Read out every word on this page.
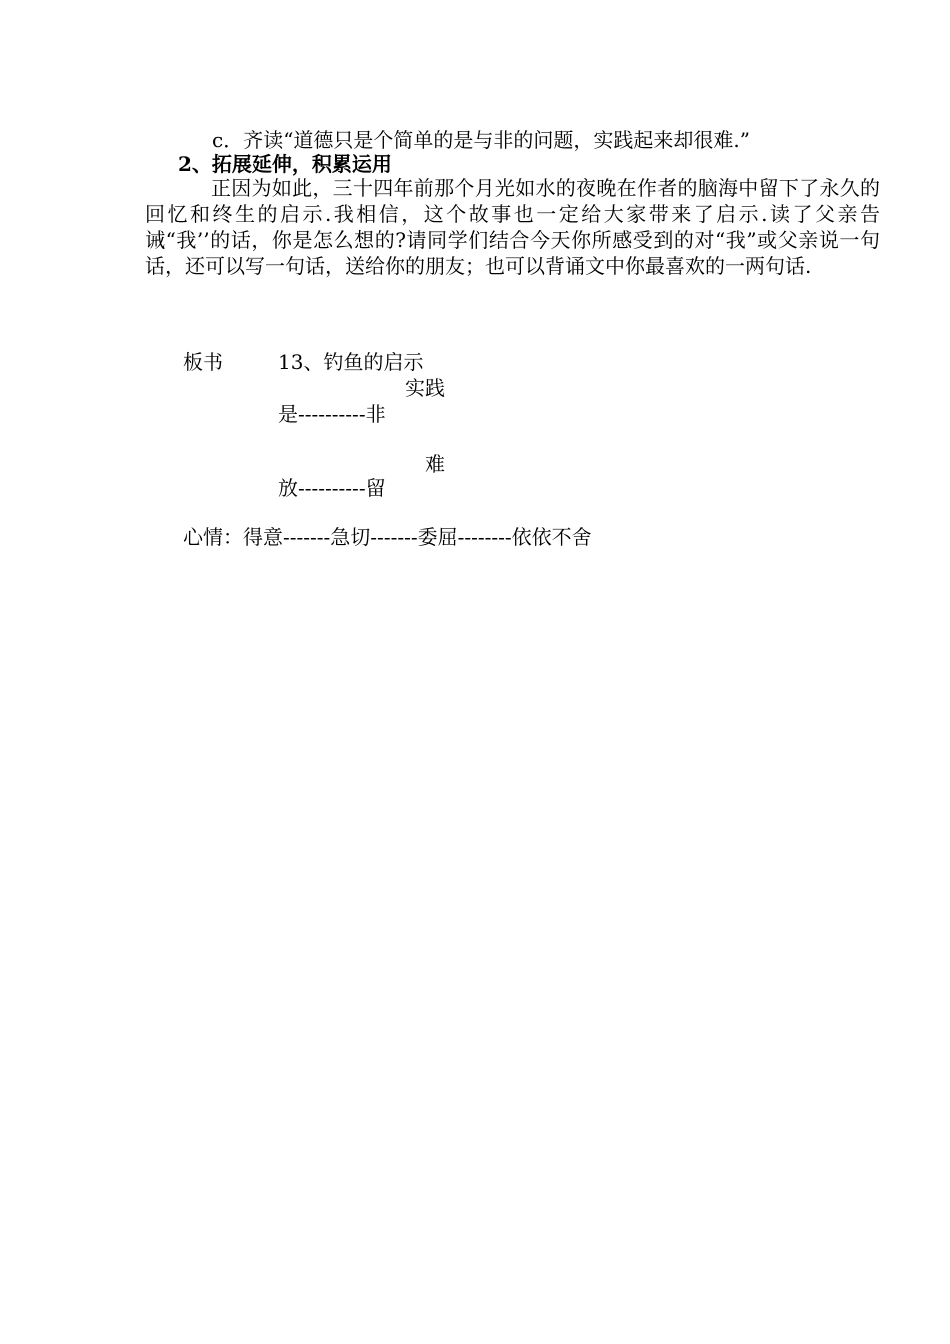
c．齐读“道德只是个简单的是与非的问题，实践起来却很难.”
2、拓展延伸，积累运用
正因为如此，三十四年前那个月光如水的夜晚在作者的脑海中留下了永久的回忆和终生的启示.我相信，这个故事也一定给大家带来了启示.读了父亲告诫“我’’的话，你是怎么想的?请同学们结合今天你所感受到的对“我”或父亲说一句话，还可以写一句话，送给你的朋友；也可以背诵文中你最喜欢的一两句话.
板书	13、钓鱼的启示
实践
是----------非
难
放----------留
心情：得意-------急切-------委屈--------依依不舍
